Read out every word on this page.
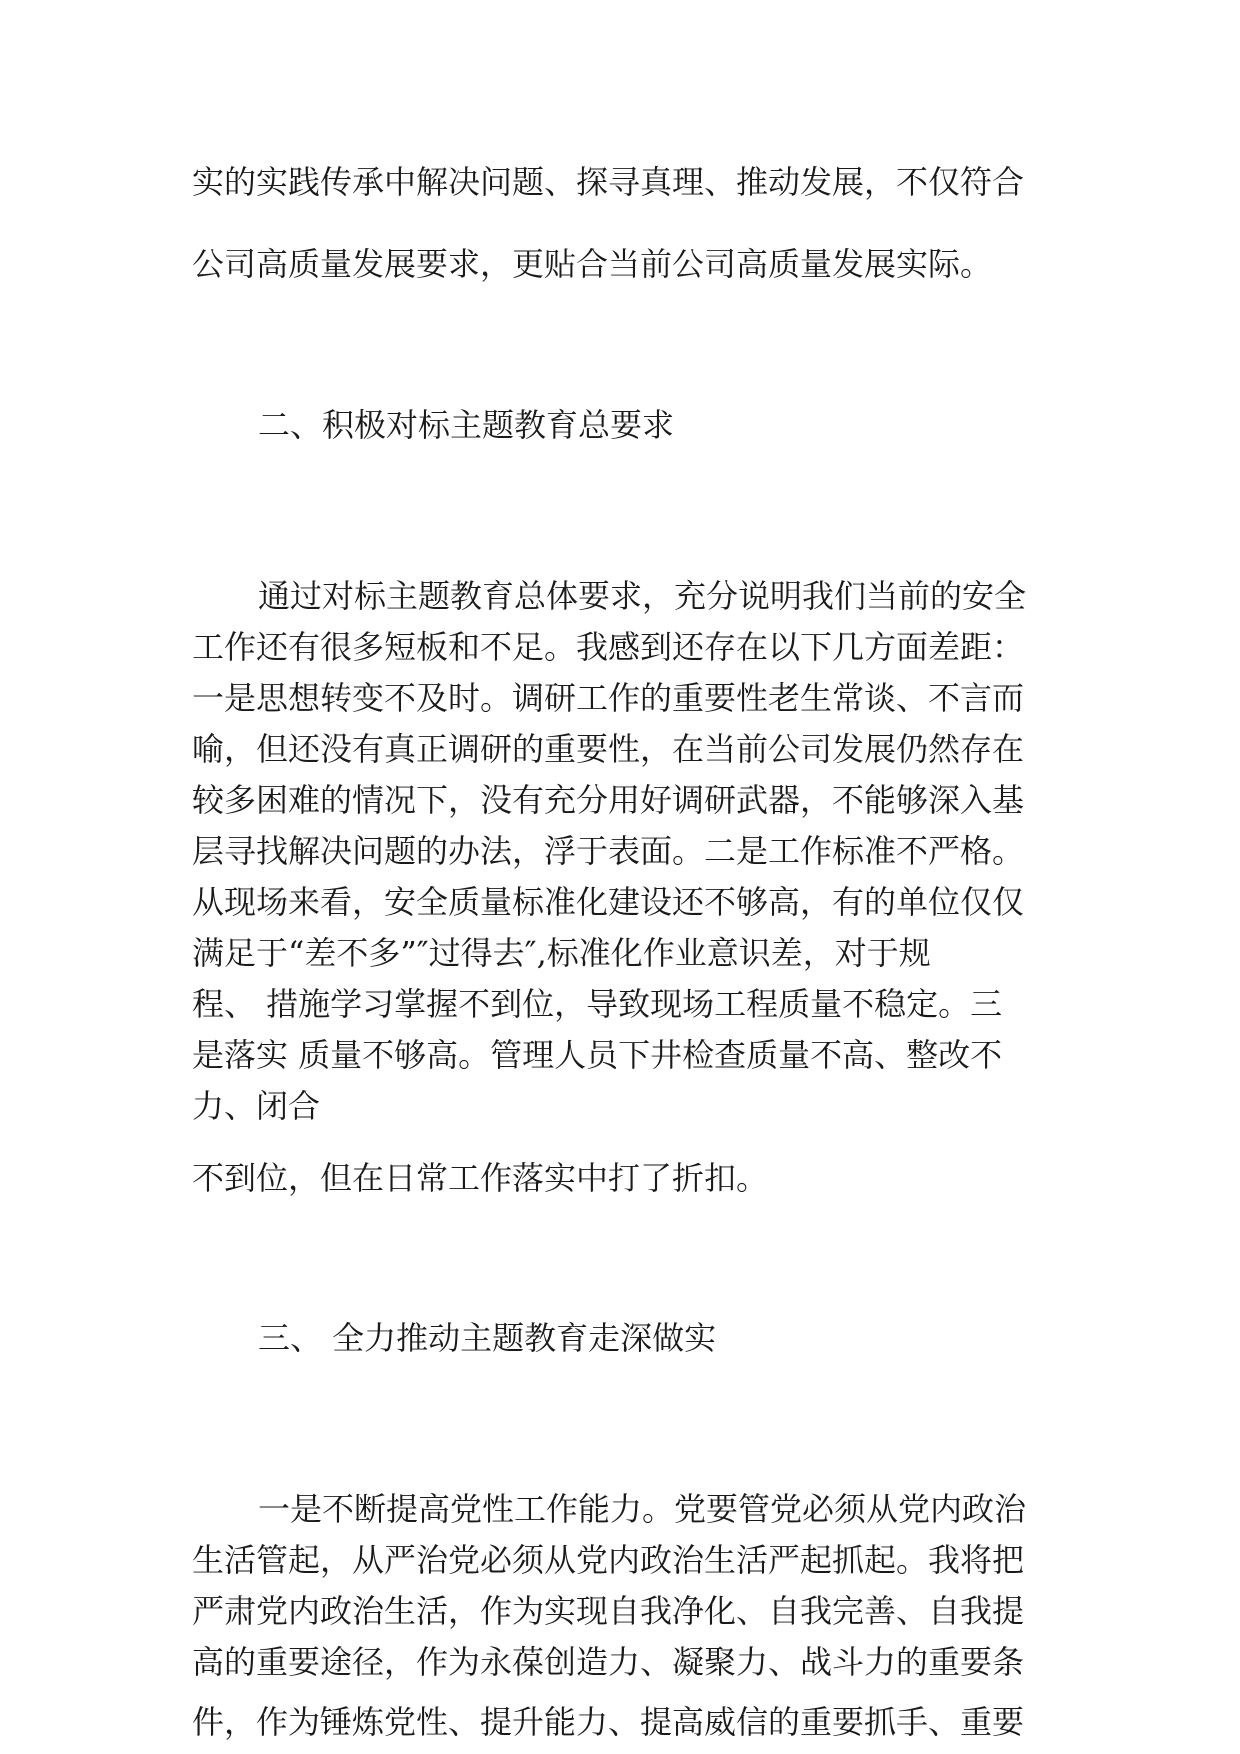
实的实践传承中解决问题、探寻真理、推动发展，不仅符合

公司高质量发展要求，更贴合当前公司高质量发展实际。

二、积极对标主题教育总要求

通过对标主题教育总体要求，充分说明我们当前的安全

工作还有很多短板和不足。我感到还存在以下几方面差距：

一是思想转变不及时。调研工作的重要性老生常谈、不言而

喻，但还没有真正调研的重要性，在当前公司发展仍然存在

较多困难的情况下，没有充分用好调研武器，不能够深入基

层寻找解决问题的办法，浮于表面。二是工作标准不严格。

从现场来看，安全质量标准化建设还不够高，有的单位仅仅

满足于“差不多”″过得去″,标准化作业意识差，对于规

程、 措施学习掌握不到位，导致现场工程质量不稳定。三

是落实 质量不够高。管理人员下井检查质量不高、整改不

力、闭合

不到位，但在日常工作落实中打了折扣。

三、 全力推动主题教育走深做实

一是不断提高党性工作能力。党要管党必须从党内政治

生活管起，从严治党必须从党内政治生活严起抓起。我将把

严肃党内政治生活，作为实现自我净化、自我完善、自我提

高的重要途径，作为永葆创造力、凝聚力、战斗力的重要条

件，作为锤炼党性、提升能力、提高威信的重要抓手、重要
